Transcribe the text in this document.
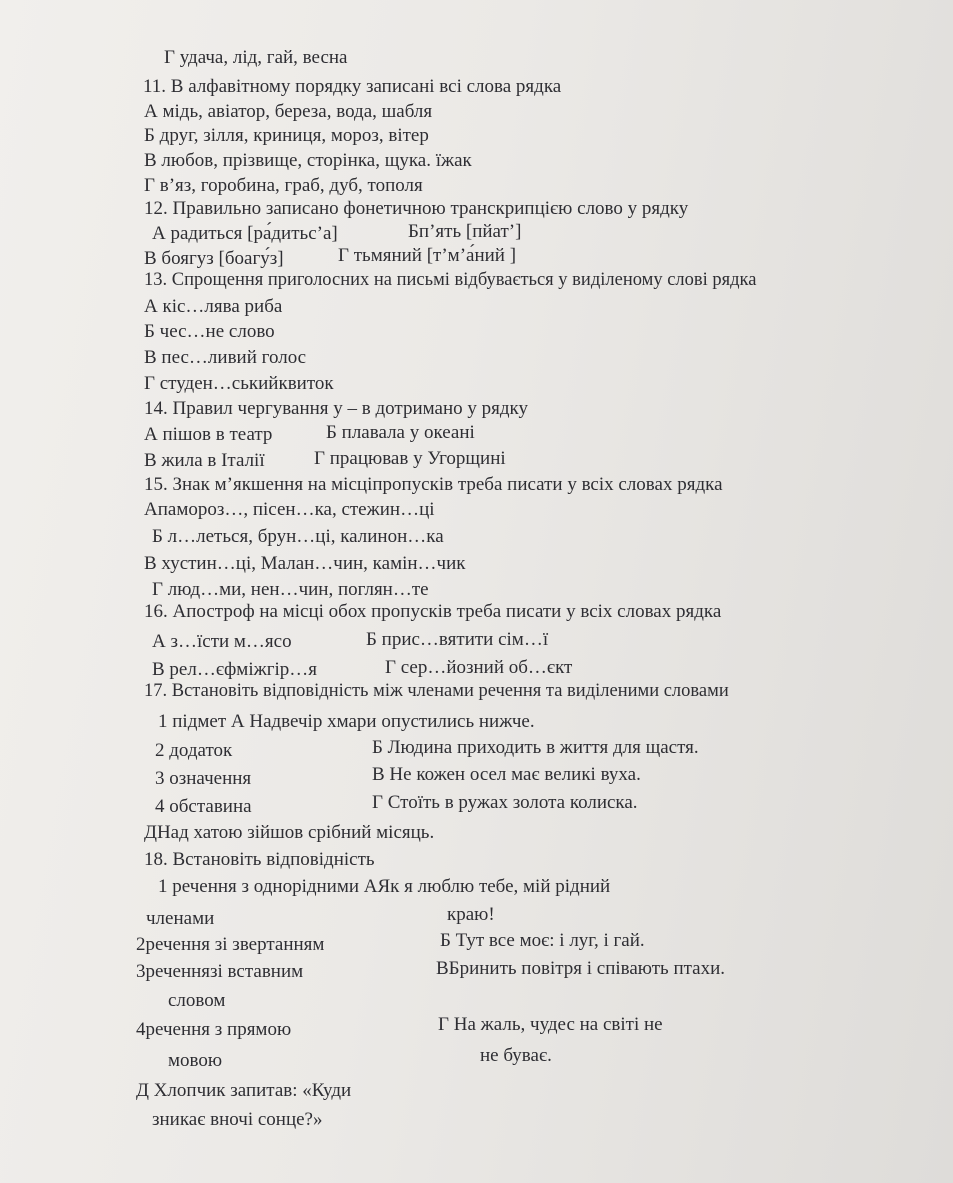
Г удача, лід, гай, весна
11. В алфавітному порядку записані всі слова рядка
А мідь, авіатор, береза, вода, шабля
Б друг, зілля, криниця, мороз, вітер
В любов, прізвище, сторінка, щука. їжак
Г в’яз, горобина, граб, дуб, тополя
12. Правильно записано фонетичною транскрипцією слово у рядку
А радиться [ра́дитьс’а]	Бп’ять [пйат’]
В боягуз [боагу́з]	Г тьмяний [т’м’а́ний ]
13. Спрощення приголосних на письмі відбувається у виділеному слові рядка
А кіс…лява риба
Б чес…не слово
В пес…ливий голос
Г студен…ськийквиток
14. Правил чергування у – в дотримано у рядку
А пішов в театр	Б плавала у океані
В жила в Італії	Г працював у Угорщині
15. Знак м’якшення на місціпропусків треба писати у всіх словах рядка
Апамороз…, пісен…ка, стежин…ці
Б л…леться, брун…ці, калинон…ка
В хустин…ці, Малан…чин, камін…чик
Г люд…ми, нен…чин, поглян…те
16. Апостроф на місці обох пропусків треба писати у всіх словах рядка
А з…їсти м…ясо	Б прис…вятити сім…ї
В рел…єфміжгір…я	Г сер…йозний об…єкт
17. Встановіть відповідність між членами речення та виділеними словами
1 підмет А Надвечір хмари опустились нижче.
2 додаток	Б Людина приходить в життя для щастя.
3 означення	В Не кожен осел має великі вуха.
4 обставина	Г Стоїть в ружах золота колиска.
ДНад хатою зійшов срібний місяць.
18. Встановіть відповідність
1 речення з однорідними АЯк я люблю тебе, мій рідний
членами	краю!
2речення зі звертанням	Б Тут все моє: і луг, і гай.
3реченнязі вставним	ВБринить повітря і співають птахи.
словом
4речення з прямою	Г На жаль, чудес на світі не
мовою	не буває.
Д Хлопчик запитав: «Куди
зникає вночі сонце?»
